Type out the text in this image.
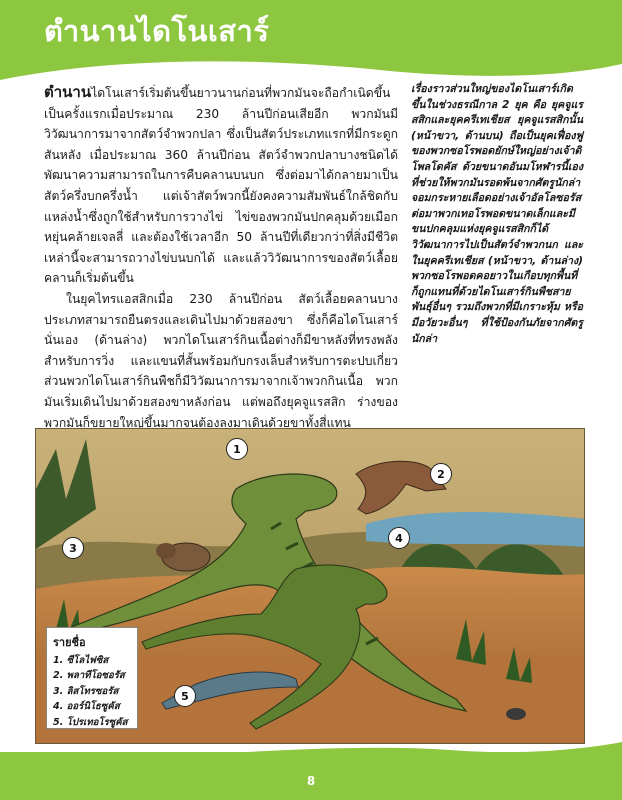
ตำนานไดโนเสาร์

ตำนานไดโนเสาร์เริ่มต้นขึ้นยาวนานก่อนที่พวกมันจะถือกำเนิดขึ้นเป็นครั้งแรกเมื่อประมาณ 230 ล้านปีก่อนเสียอีก พวกมันมีวิวัฒนาการมาจากสัตว์จำพวกปลา ซึ่งเป็นสัตว์ประเภทแรกที่มีกระดูกสันหลัง เมื่อประมาณ 360 ล้านปีก่อน สัตว์จำพวกปลาบางชนิดได้พัฒนาความสามารถในการคืบคลานบนบก ซึ่งต่อมาได้กลายมาเป็นสัตว์ครึ่งบกครึ่งน้ำ แต่เจ้าสัตว์พวกนี้ยังคงความสัมพันธ์ใกล้ชิดกับแหล่งน้ำซึ่งถูกใช้สำหรับการวางไข่ ไข่ของพวกมันปกคลุมด้วยเมือกหยุ่นคล้ายเจลลี่ และต้องใช้เวลาอีก 50 ล้านปีที่เดียวกว่าที่สิ่งมีชีวิตเหล่านี้จะสามารถวางไข่บนบกได้ และแล้ววิวัฒนาการของสัตว์เลื้อยคลานก็เริ่มต้นขึ้น

ในยุคไทรแอสสิกเมื่อ 230 ล้านปีก่อน สัตว์เลื้อยคลานบางประเภทสามารถยืนตรงและเดินไปมาด้วยสองขา ซึ่งก็คือไดโนเสาร์นั่นเอง (ด้านล่าง) พวกไดโนเสาร์กินเนื้อต่างก็มีขาหลังที่ทรงพลังสำหรับการวิ่ง และแขนที่สั้นพร้อมกับกรงเล็บสำหรับการตะปบเกี่ยว ส่วนพวกไดโนเสาร์กินพืชก็มีวิวัฒนาการมาจากเจ้าพวกกินเนื้อ พวกมันเริ่มเดินไปมาด้วยสองขาหลังก่อน แต่พอถึงยุคจูแรสสิก ร่างของพวกมันก็ขยายใหญ่ขึ้นมากจนต้องลงมาเดินด้วยขาทั้งสี่แทน

เรื่องราวส่วนใหญ่ของไดโนเสาร์เกิดขึ้นในช่วงธรณีกาล 2 ยุค คือ ยุคจูแรสสิกและยุคครีเทเชียส ยุคจูแรสสิกนั้น (หน้าขวา, ด้านบน) ถือเป็นยุคเฟื่องฟูของพวกซอโรพอดยักษ์ใหญ่อย่างเจ้าดิโพลโดคัส ด้วยขนาดอันมโหฬารนี้เองที่ช่วยให้พวกมันรอดพ้นจากศัตรูนักล่าจอมกระหายเลือดอย่างเจ้าอัลโลซอรัส ต่อมาพวกเทอโรพอดขนาดเล็กและมีขนปกคลุมแห่งยุคจูแรสสิกก็ได้วิวัฒนาการไปเป็นสัตว์จำพวกนก และในยุคครีเทเชียส (หน้าขวา, ด้านล่าง) พวกซอโรพอดคอยาวในเกือบทุกพื้นที่ก็ถูกแทนที่ด้วยไดโนเสาร์กินพืชสายพันธุ์อื่นๆ รวมถึงพวกที่มีเกราะหุ้ม หรือมีอวัยวะอื่นๆ ที่ใช้ป้องกันภัยจากศัตรูนักล่า
1
2
3
4
5
รายชื่อ
1. ซีโลไฟซิส
2. พลาทีโอซอรัส
3. ลิสโทรซอรัส
4. ออร์นิโธซูคัส
5. โปรเทอโรซูคัส
8
